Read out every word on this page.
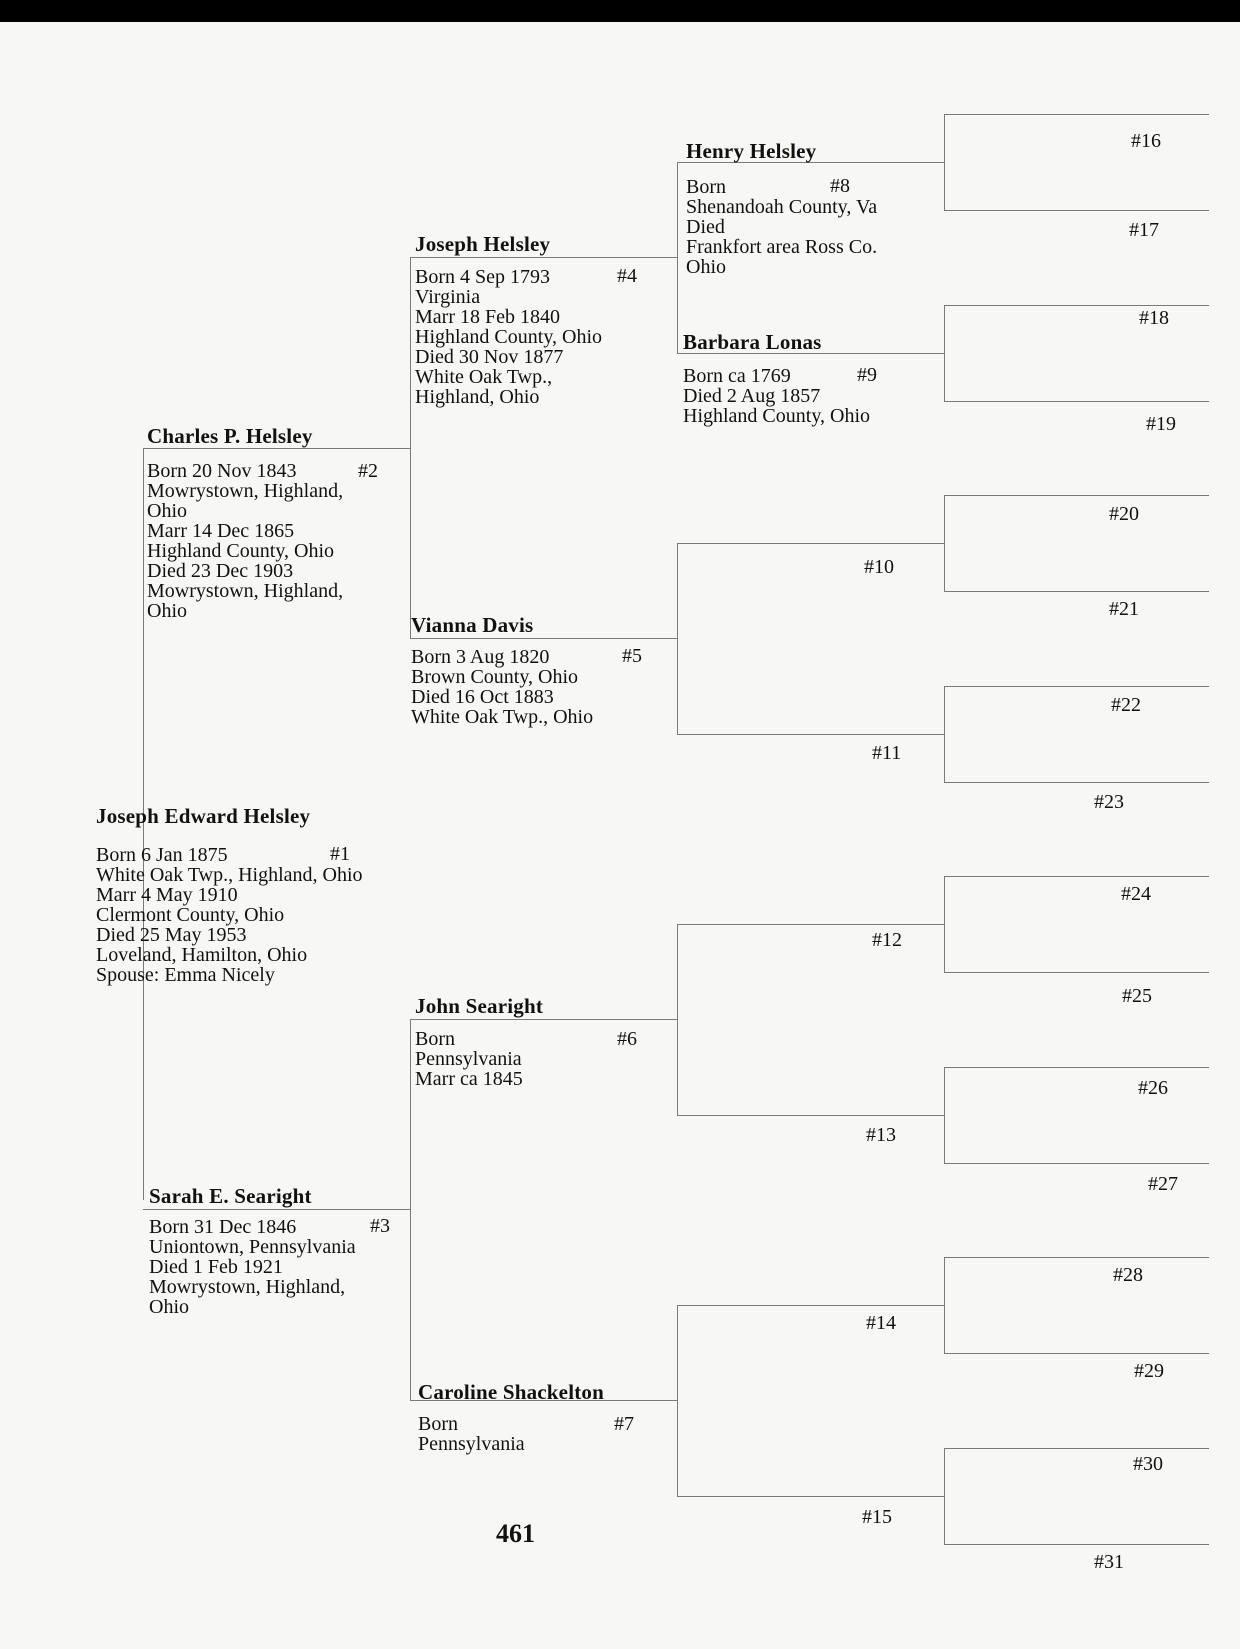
Joseph Edward Helsley
#1
Born 6 Jan 1875
White Oak Twp., Highland, Ohio
Marr 4 May 1910
Clermont County, Ohio
Died 25 May 1953
Loveland, Hamilton, Ohio
Spouse: Emma Nicely
Charles P. Helsley
#2
Born 20 Nov 1843
Mowrystown, Highland,
Ohio
Marr 14 Dec 1865
Highland County, Ohio
Died 23 Dec 1903
Mowrystown, Highland,
Ohio
Sarah E. Searight
#3
Born 31 Dec 1846
Uniontown, Pennsylvania
Died 1 Feb 1921
Mowrystown, Highland,
Ohio
Joseph Helsley
#4
Born 4 Sep 1793
Virginia
Marr 18 Feb 1840
Highland County, Ohio
Died 30 Nov 1877
White Oak Twp.,
Highland, Ohio
Vianna Davis
#5
Born 3 Aug 1820
Brown County, Ohio
Died 16 Oct 1883
White Oak Twp., Ohio
John Searight
#6
Born
Pennsylvania
Marr ca 1845
Caroline Shackelton
#7
Born
Pennsylvania
Henry Helsley
#8
Born
Shenandoah County, Va
Died
Frankfort area Ross Co.
Ohio
Barbara Lonas
#9
Born ca 1769
Died 2 Aug 1857
Highland County, Ohio
#10
#11
#12
#13
#14
#15
#16
#17
#18
#19
#20
#21
#22
#23
#24
#25
#26
#27
#28
#29
#30
#31
461
